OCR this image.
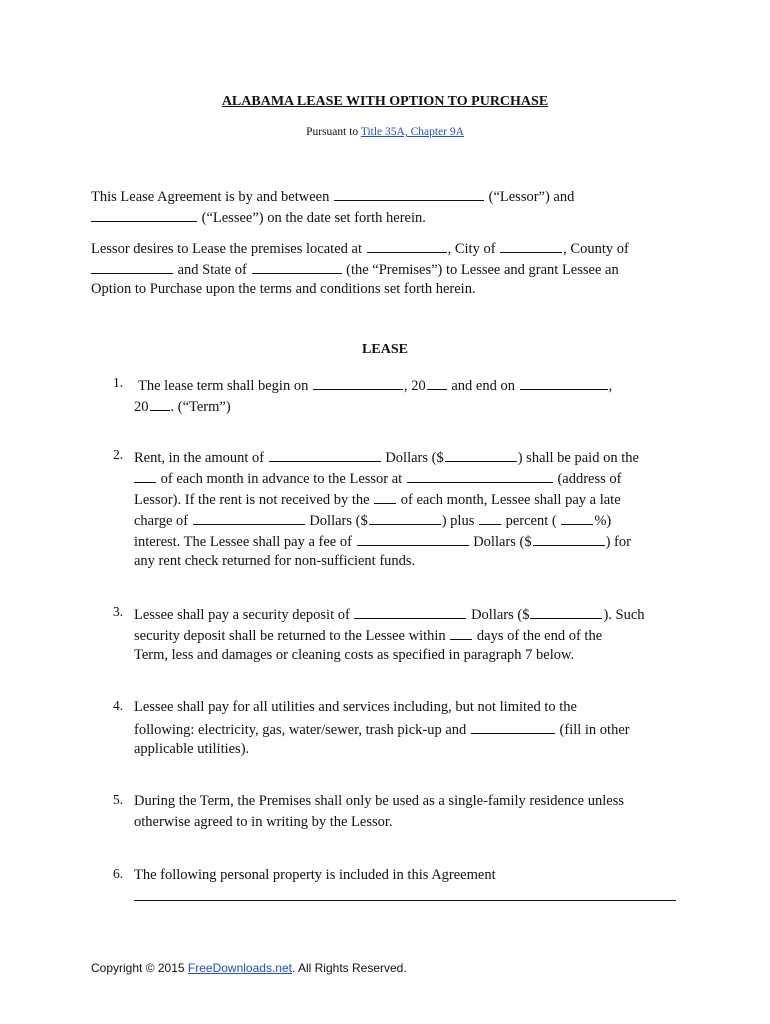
ALABAMA LEASE WITH OPTION TO PURCHASE
Pursuant to Title 35A, Chapter 9A
This Lease Agreement is by and between	(“Lessor”) and
(“Lessee”) on the date set forth herein.
Lessor desires to Lease the premises located at	, City of	, County of
and State of	(the “Premises”) to Lessee and grant Lessee an
Option to Purchase upon the terms and conditions set forth herein.
LEASE
1. The lease term shall begin on	, 20 and end on	,
20 . (“Term”)
2. Rent, in the amount of	Dollars ($	) shall be paid on the
of each month in advance to the Lessor at	(address of
Lessor). If the rent is not received by the  of each month, Lessee shall pay a late
charge of	Dollars ($	) plus  percent ( %)
interest. The Lessee shall pay a fee of	Dollars ($	) for
any rent check returned for non-sufficient funds.
3. Lessee shall pay a security deposit of	Dollars ($	). Such
security deposit shall be returned to the Lessee within  days of the end of the
Term, less and damages or cleaning costs as specified in paragraph 7 below.
4. Lessee shall pay for all utilities and services including, but not limited to the
following: electricity, gas, water/sewer, trash pick-up and	(fill in other
applicable utilities).
5. During the Term, the Premises shall only be used as a single-family residence unless
otherwise agreed to in writing by the Lessor.
6. The following personal property is included in this Agreement
Copyright © 2015 FreeDownloads.net. All Rights Reserved.
